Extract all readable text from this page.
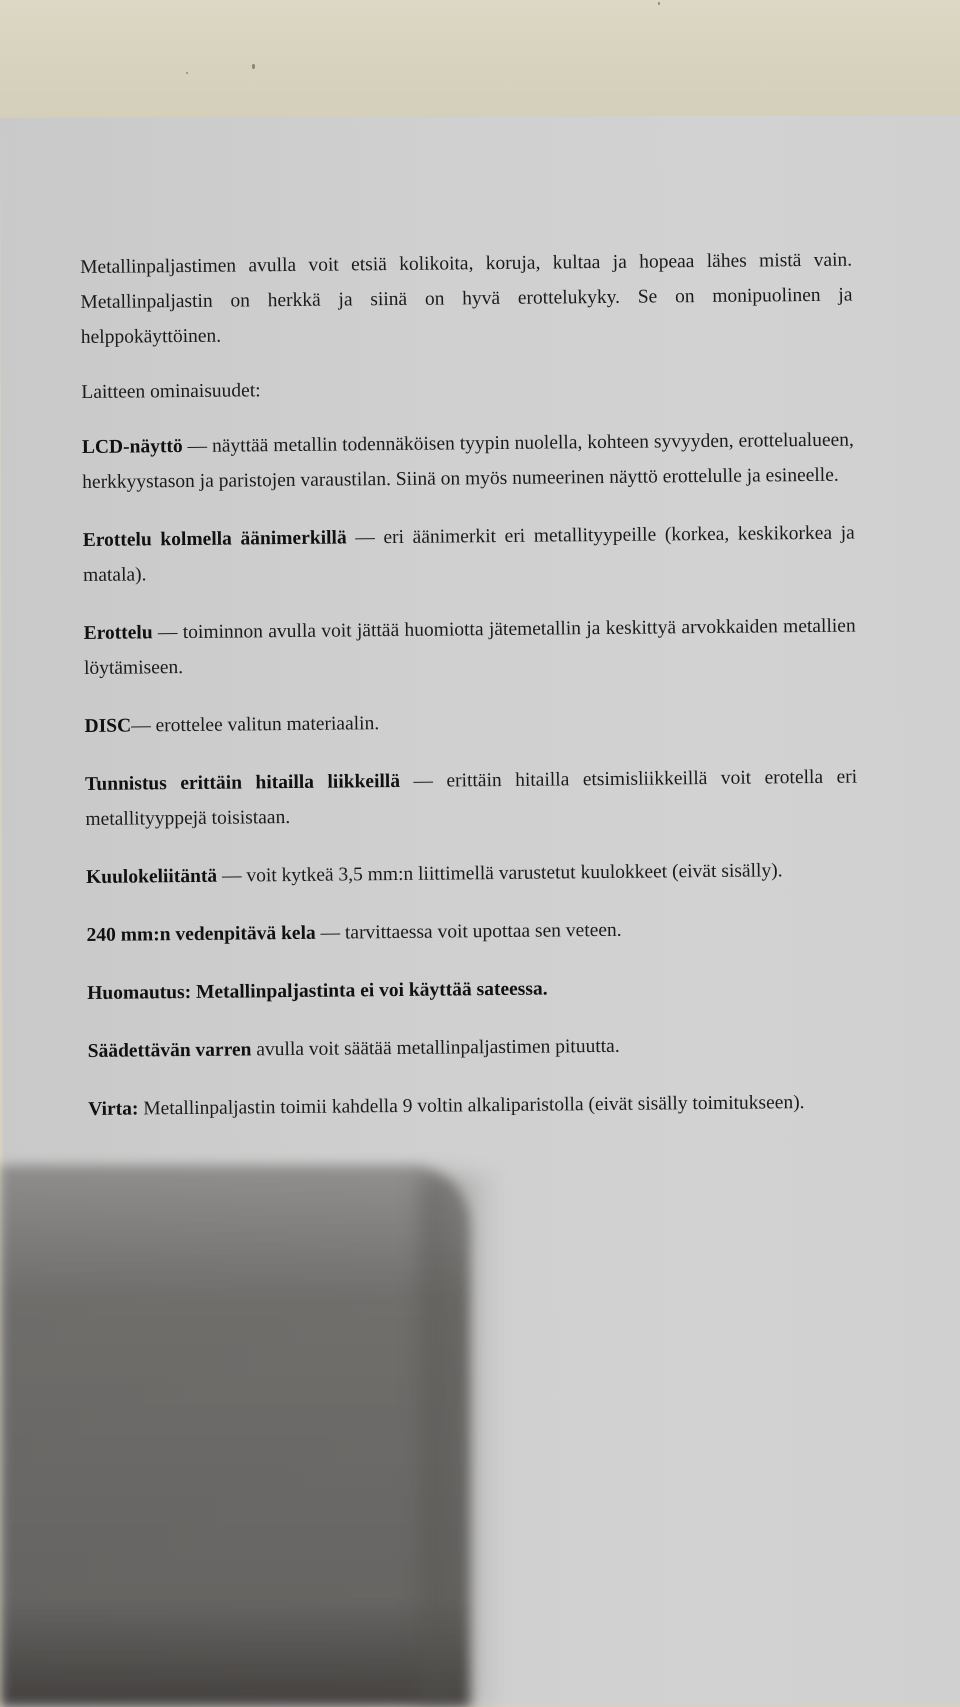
Metallinpaljastimen avulla voit etsiä kolikoita, koruja, kultaa ja hopeaa lähes mistä vain. Metallinpaljastin on herkkä ja siinä on hyvä erottelukyky. Se on monipuolinen ja helppokäyttöinen.

Laitteen ominaisuudet:

LCD-näyttö — näyttää metallin todennäköisen tyypin nuolella, kohteen syvyyden, erottelualueen, herkkyystason ja paristojen varaustilan. Siinä on myös numeerinen näyttö erottelulle ja esineelle.

Erottelu kolmella äänimerkillä — eri äänimerkit eri metallityypeille (korkea, keskikorkea ja matala).

Erottelu — toiminnon avulla voit jättää huomiotta jätemetallin ja keskittyä arvokkaiden metallien löytämiseen.

DISC— erottelee valitun materiaalin.

Tunnistus erittäin hitailla liikkeillä — erittäin hitailla etsimisliikkeillä voit erotella eri metallityyppejä toisistaan.

Kuulokeliitäntä — voit kytkeä 3,5 mm:n liittimellä varustetut kuulokkeet (eivät sisälly).

240 mm:n vedenpitävä kela — tarvittaessa voit upottaa sen veteen.

Huomautus: Metallinpaljastinta ei voi käyttää sateessa.

Säädettävän varren avulla voit säätää metallinpaljastimen pituutta.

Virta: Metallinpaljastin toimii kahdella 9 voltin alkaliparistolla (eivät sisälly toimitukseen).
